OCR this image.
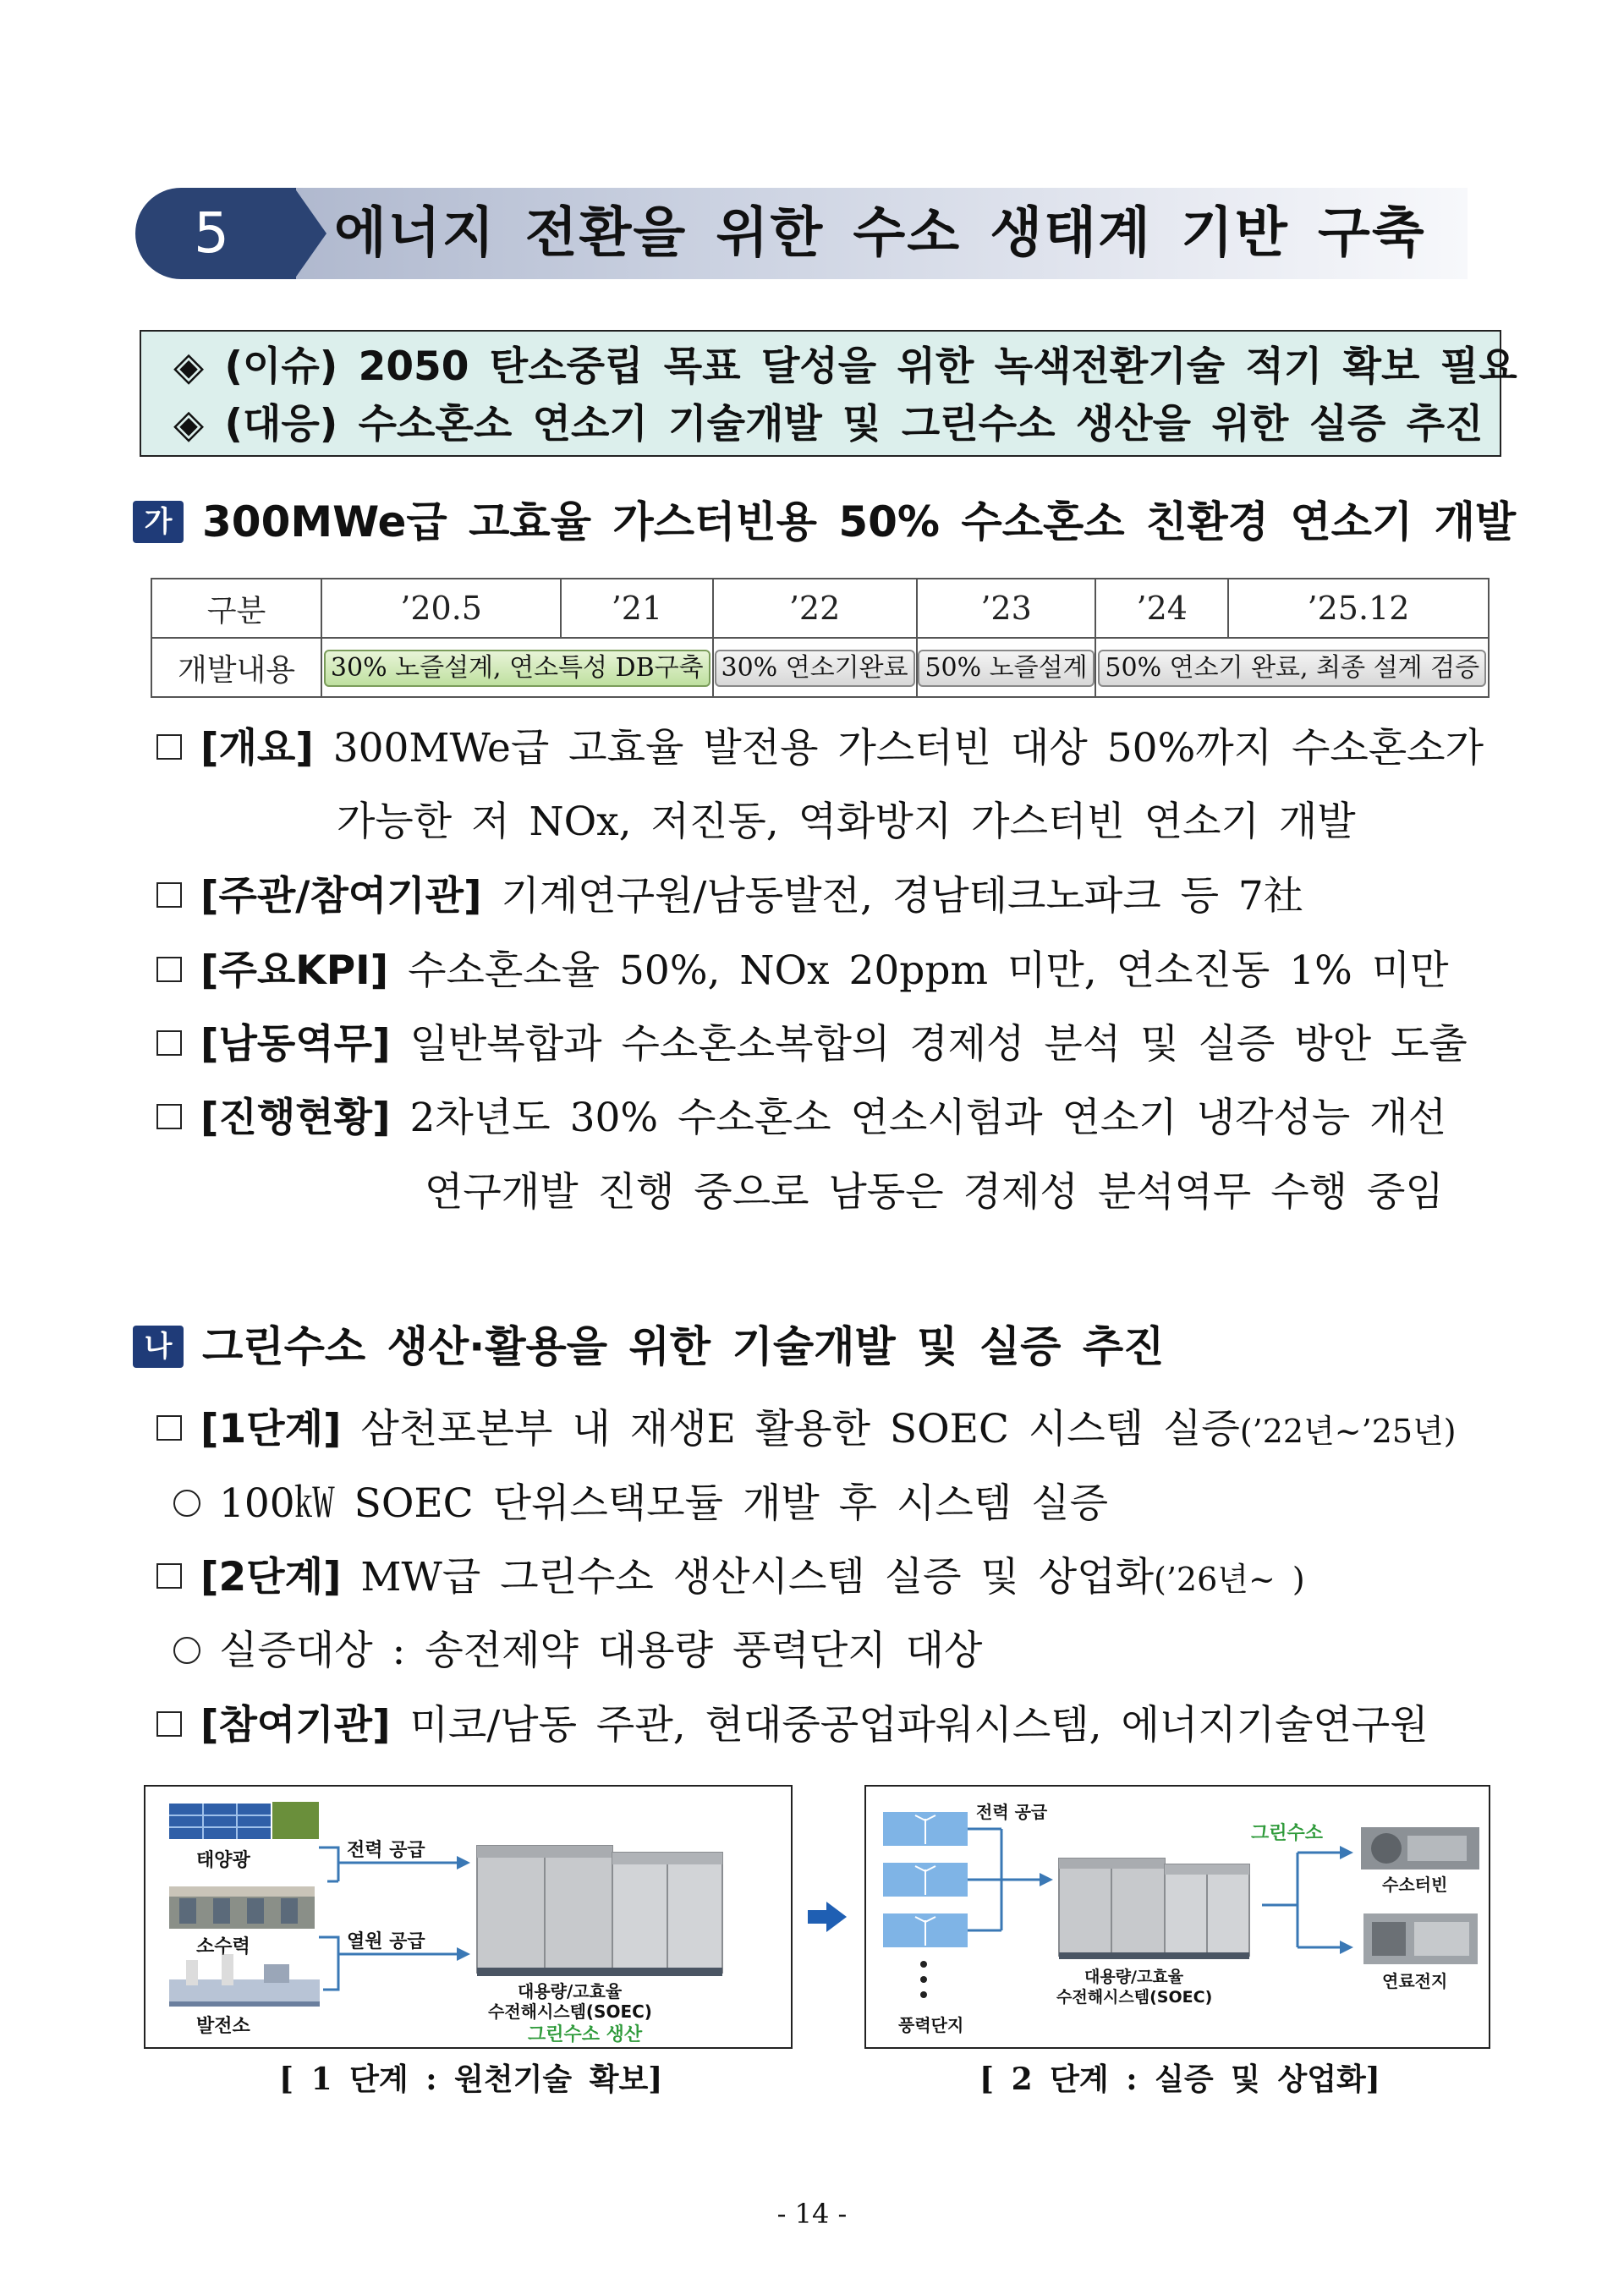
5 에너지 전환을 위한 수소 생태계 기반 구축
◈ (이슈) 2050 탄소중립 목표 달성을 위한 녹색전환기술 적기 확보 필요
◈ (대응) 수소혼소 연소기 기술개발 및 그린수소 생산을 위한 실증 추진
가 300MWe급 고효율 가스터빈용 50% 수소혼소 친환경 연소기 개발
구분	’20.5	’21	’22	’23	’24	’25.12
개발내용	30% 노즐설계, 연소특성 DB구축		30% 연소기완료	50% 노즐설계	50% 연소기 완료, 최종 설계 검증	
[개요] 300MWe급 고효율 발전용 가스터빈 대상 50%까지 수소혼소가
가능한 저 NOx, 저진동, 역화방지 가스터빈 연소기 개발
[주관/참여기관] 기계연구원/남동발전, 경남테크노파크 등 7社
[주요KPI] 수소혼소율 50%, NOx 20ppm 미만, 연소진동 1% 미만
[남동역무] 일반복합과 수소혼소복합의 경제성 분석 및 실증 방안 도출
[진행현황] 2차년도 30% 수소혼소 연소시험과 연소기 냉각성능 개선
연구개발 진행 중으로 남동은 경제성 분석역무 수행 중임
나 그린수소 생산·활용을 위한 기술개발 및 실증 추진
[1단계] 삼천포본부 내 재생E 활용한 SOEC 시스템 실증(’22년~’25년)
100㎾ SOEC 단위스택모듈 개발 후 시스템 실증
[2단계] MW급 그린수소 생산시스템 실증 및 상업화(’26년~ )
실증대상 : 송전제약 대용량 풍력단지 대상
[참여기관] 미코/남동 주관, 현대중공업파워시스템, 에너지기술연구원
태양광
소수력
발전소
전력 공급
열원 공급
대용량/고효율
수전해시스템(SOEC)
그린수소 생산
[ 1 단계 : 원천기술 확보]
전력 공급
그린수소
수소터빈
연료전지
대용량/고효율
수전해시스템(SOEC)
풍력단지
[ 2 단계 : 실증 및 상업화]
- 14 -
